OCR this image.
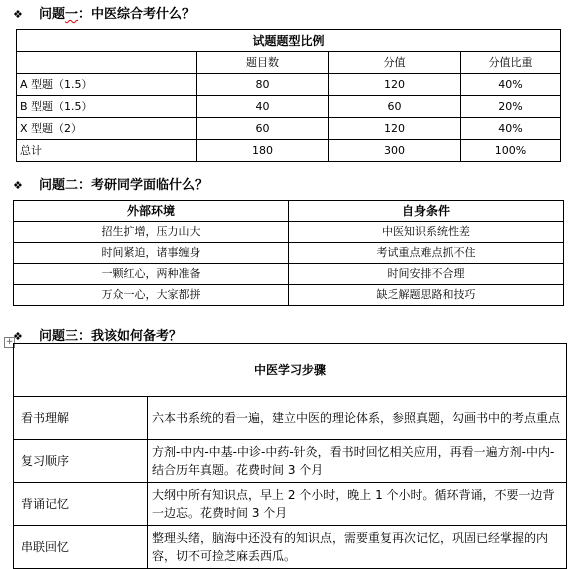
❖ 问题一：中医综合考什么？
试题题型比例			
	题目数	分值	分值比重
A 型题（1.5）	80	120	40%
B 型题（1.5）	40	60	20%
X 型题（2）	60	120	40%
总计	180	300	100%
❖ 问题二：考研同学面临什么？
外部环境	自身条件
招生扩增，压力山大	中医知识系统性差
时间紧迫，诸事缠身	考试重点难点抓不住
一颗红心，两种准备	时间安排不合理
万众一心，大家都拼	缺乏解题思路和技巧
+ ❖ 问题三：我该如何备考？
中医学习步骤	
看书理解	六本书系统的看一遍，建立中医的理论体系，参照真题，勾画书中的考点重点
复习顺序	方剂-中内-中基-中诊-中药-针灸，看书时回忆相关应用，再看一遍方剂-中内-结合历年真题。花费时间 3 个月
背诵记忆	大纲中所有知识点，早上 2 个小时，晚上 1 个小时。循环背诵，不要一边背一边忘。花费时间 3 个月
串联回忆	整理头绪，脑海中还没有的知识点，需要重复再次记忆，巩固已经掌握的内容，切不可捡芝麻丢西瓜。
